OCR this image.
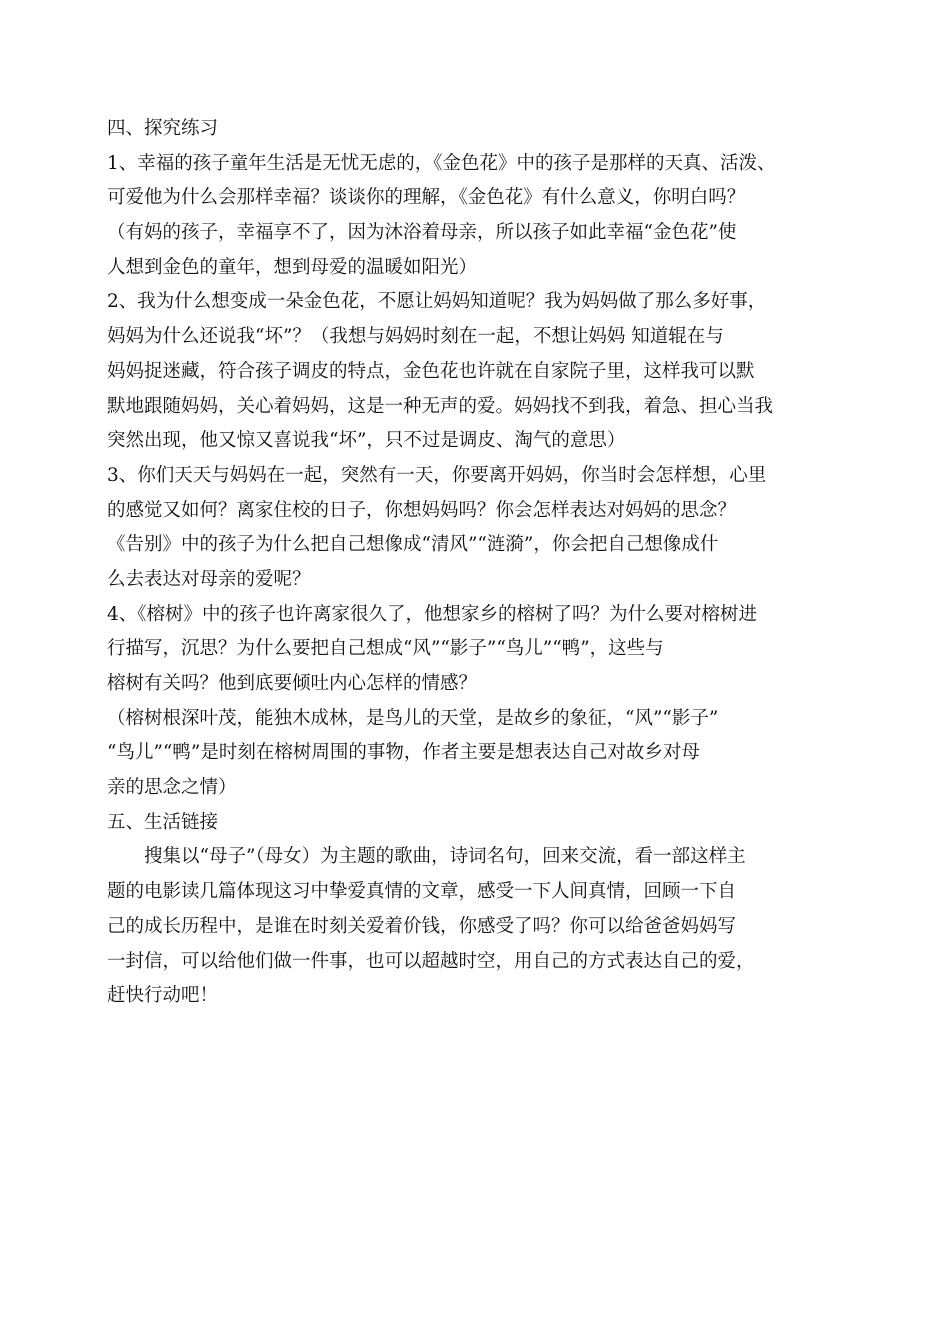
四、探究练习
1、幸福的孩子童年生活是无忧无虑的，《金色花》中的孩子是那样的天真、活泼、
可爱他为什么会那样幸福？谈谈你的理解，《金色花》有什么意义，你明白吗？
（有妈的孩子，幸福享不了，因为沐浴着母亲，所以孩子如此幸福“金色花”使
人想到金色的童年，想到母爱的温暖如阳光）
2、我为什么想变成一朵金色花，不愿让妈妈知道呢？我为妈妈做了那么多好事，
妈妈为什么还说我“坏”？（我想与妈妈时刻在一起，不想让妈妈 知道辊在与
妈妈捉迷藏，符合孩子调皮的特点，金色花也许就在自家院子里，这样我可以默
默地跟随妈妈，关心着妈妈，这是一种无声的爱。妈妈找不到我，着急、担心当我
突然出现，他又惊又喜说我“坏”，只不过是调皮、淘气的意思）
3、你们天天与妈妈在一起，突然有一天，你要离开妈妈，你当时会怎样想，心里
的感觉又如何？离家住校的日子，你想妈妈吗？你会怎样表达对妈妈的思念？
《告别》中的孩子为什么把自己想像成“清风”“涟漪”，你会把自己想像成什
么去表达对母亲的爱呢？
4、《榕树》中的孩子也许离家很久了，他想家乡的榕树了吗？为什么要对榕树进
行描写，沉思？为什么要把自己想成“风”“影子”“鸟儿”“鸭”，这些与
榕树有关吗？他到底要倾吐内心怎样的情感？
（榕树根深叶茂，能独木成林，是鸟儿的天堂，是故乡的象征，“风”“影子”
“鸟儿”“鸭”是时刻在榕树周围的事物，作者主要是想表达自己对故乡对母
亲的思念之情）
五、生活链接
搜集以“母子”（母女）为主题的歌曲，诗词名句，回来交流，看一部这样主
题的电影读几篇体现这习中挚爱真情的文章，感受一下人间真情，回顾一下自
己的成长历程中，是谁在时刻关爱着价钱，你感受了吗？你可以给爸爸妈妈写
一封信，可以给他们做一件事，也可以超越时空，用自己的方式表达自己的爱，
赶快行动吧！
